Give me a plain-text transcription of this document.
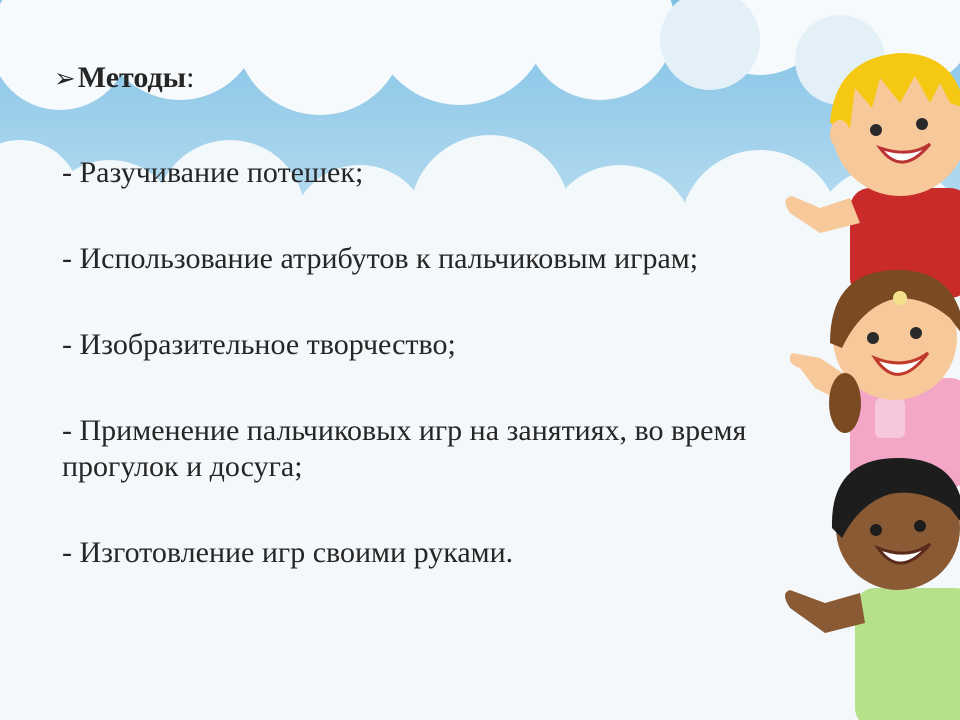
➢ Методы :
- Разучивание потешек;
- Использование атрибутов к пальчиковым играм;
- Изобразительное творчество;
- Применение пальчиковых игр на занятиях, во время прогулок и досуга;
- Изготовление игр своими руками.
